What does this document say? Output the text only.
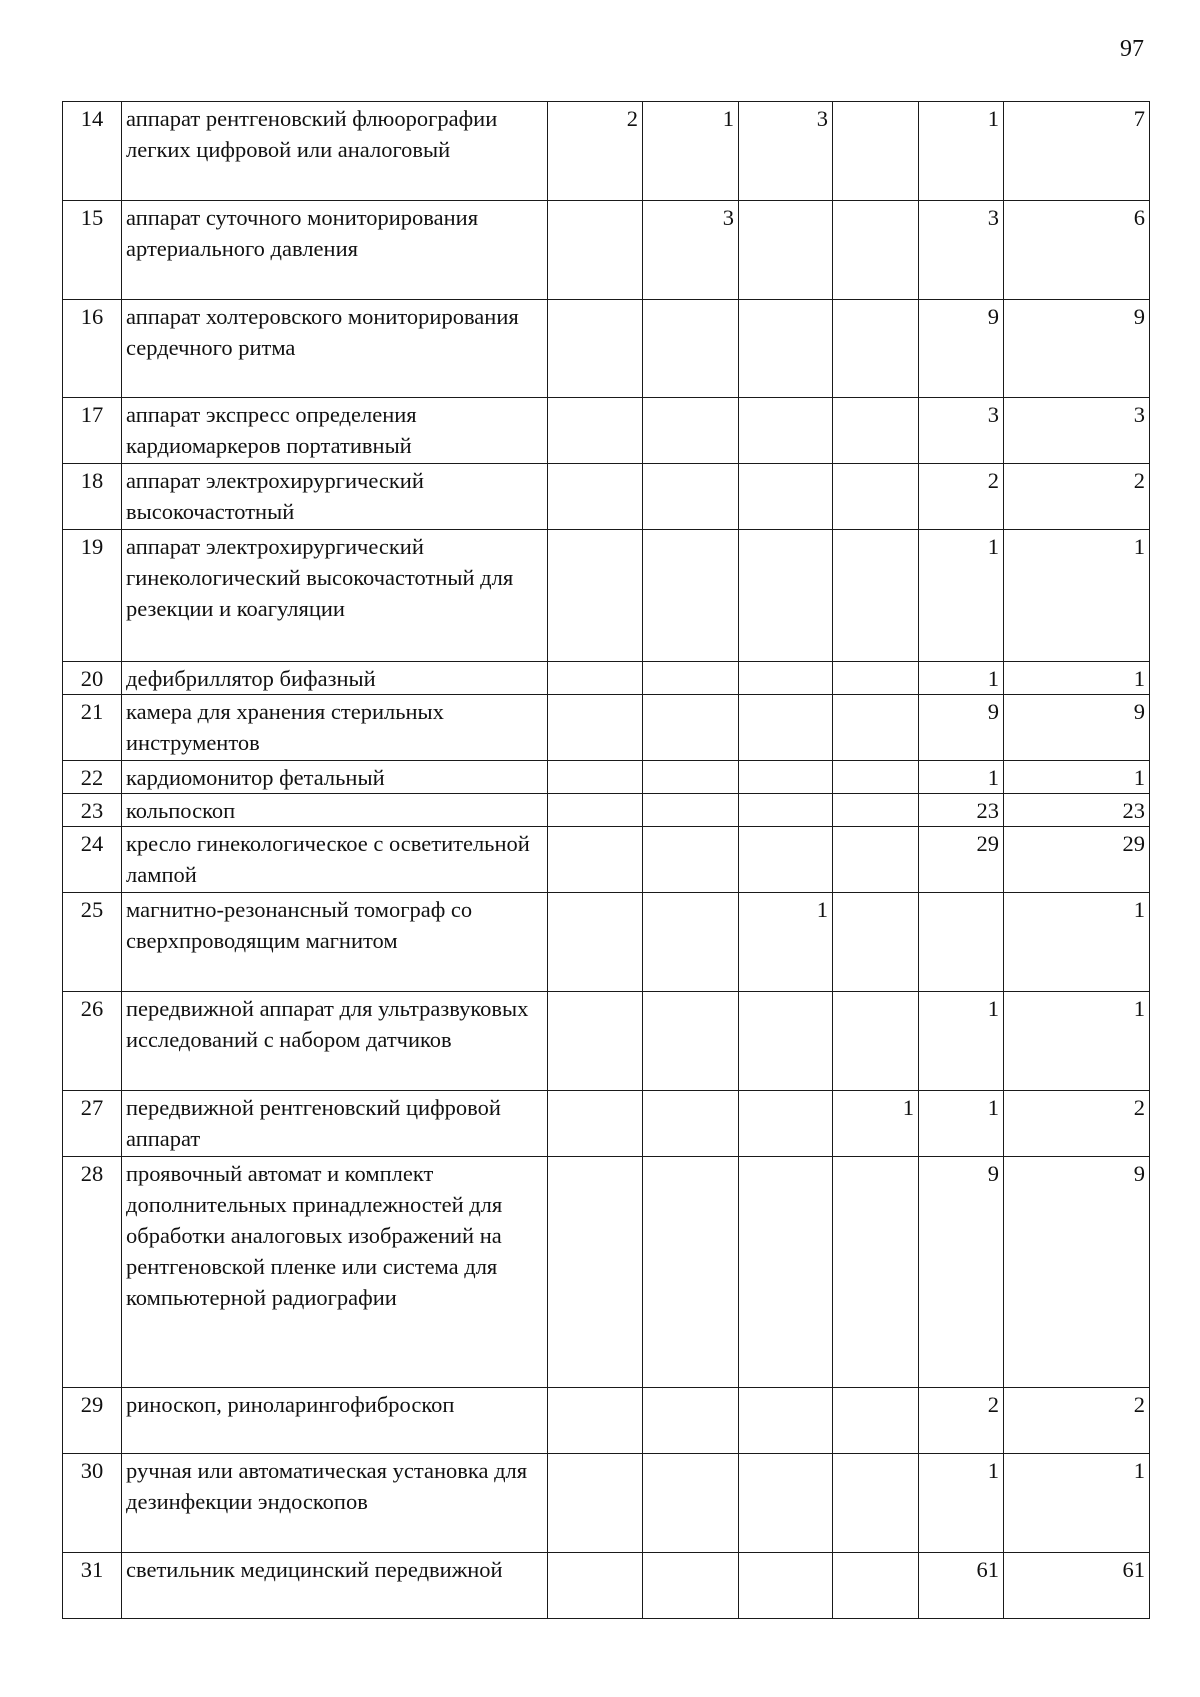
97
14	аппарат рентгеновский флюорографии легких цифровой или аналоговый	2	1	3		1	7
15	аппарат суточного мониторирования артериального давления		3			3	6
16	аппарат холтеровского мониторирования сердечного ритма					9	9
17	аппарат экспресс определения кардиомаркеров портативный					3	3
18	аппарат электрохирургический высокочастотный					2	2
19	аппарат электрохирургический гинекологический высокочастотный для резекции и коагуляции					1	1
20	дефибриллятор бифазный					1	1
21	камера для хранения стерильных инструментов					9	9
22	кардиомонитор фетальный					1	1
23	кольпоскоп					23	23
24	кресло гинекологическое с осветительной лампой					29	29
25	магнитно-резонансный томограф со сверхпроводящим магнитом			1			1
26	передвижной аппарат для ультразвуковых исследований с набором датчиков					1	1
27	передвижной рентгеновский цифровой аппарат				1	1	2
28	проявочный автомат и комплект дополнительных принадлежностей для обработки аналоговых изображений на рентгеновской пленке или система для компьютерной радиографии					9	9
29	риноскоп, риноларингофиброскоп					2	2
30	ручная или автоматическая установка для дезинфекции эндоскопов					1	1
31	светильник медицинский передвижной					61	61
